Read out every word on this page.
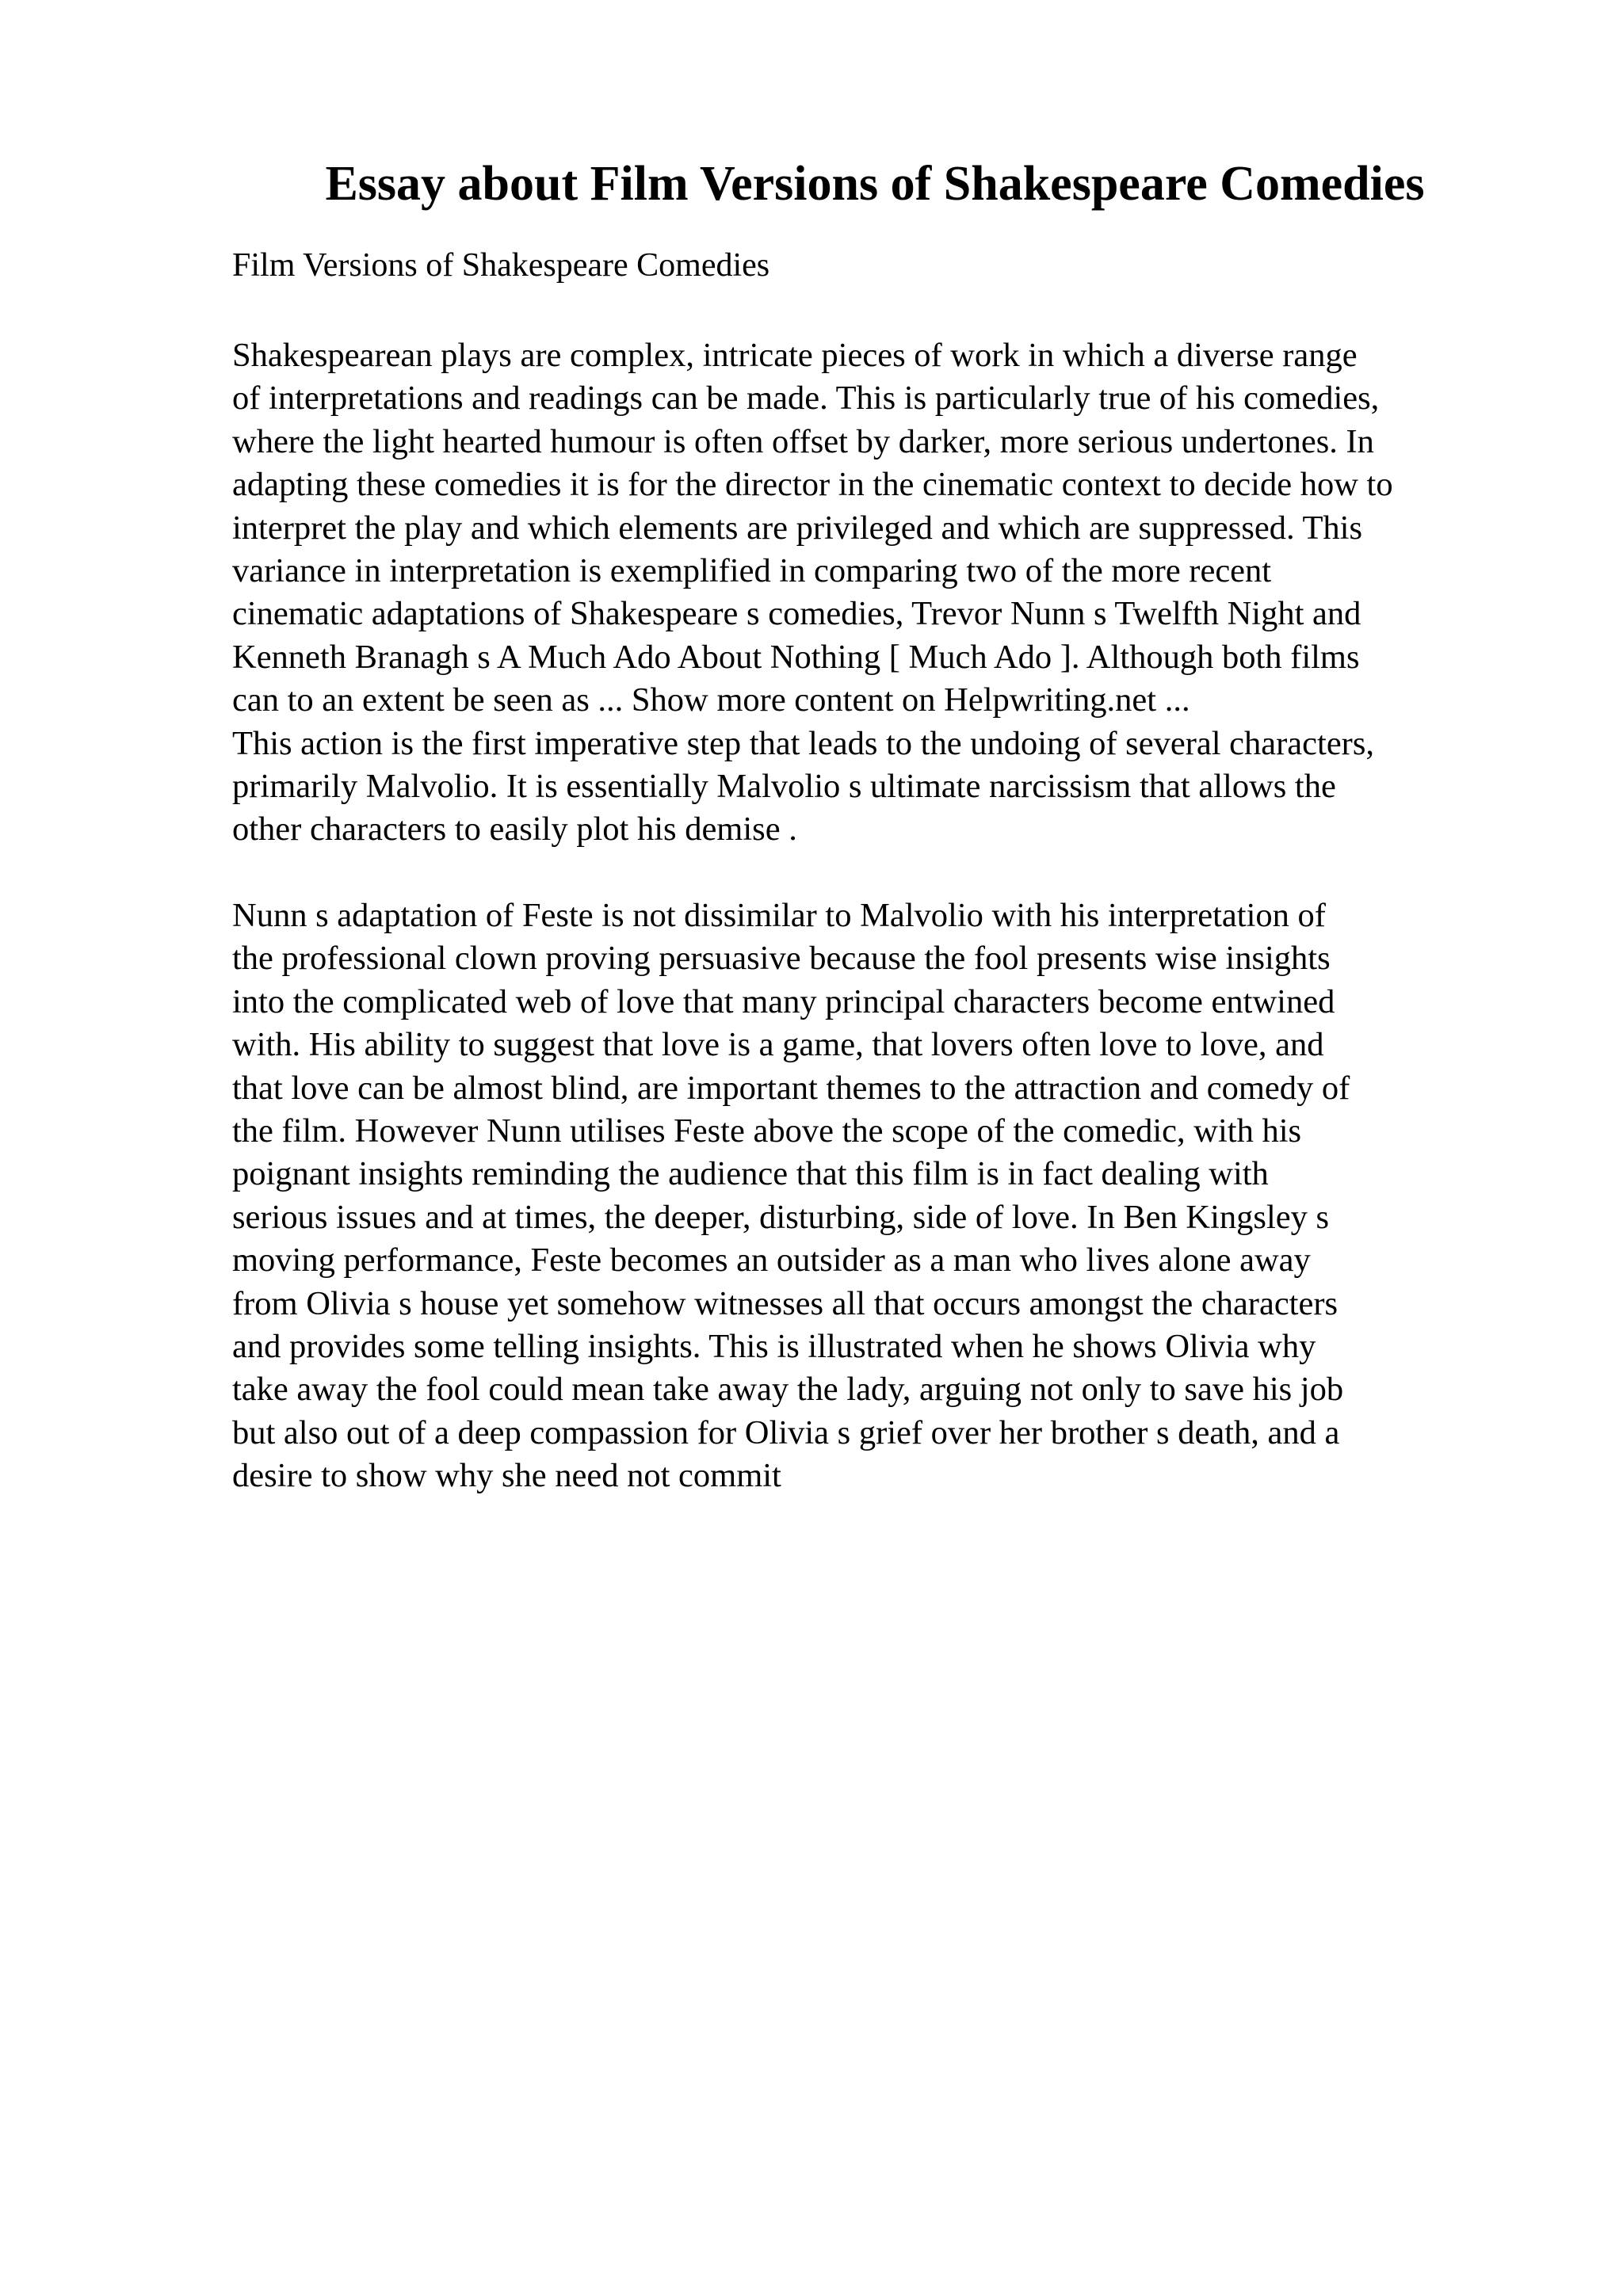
Essay about Film Versions of Shakespeare Comedies

Film Versions of Shakespeare Comedies

Shakespearean plays are complex, intricate pieces of work in which a diverse range
of interpretations and readings can be made. This is particularly true of his comedies,
where the light hearted humour is often offset by darker, more serious undertones. In
adapting these comedies it is for the director in the cinematic context to decide how to
interpret the play and which elements are privileged and which are suppressed. This
variance in interpretation is exemplified in comparing two of the more recent
cinematic adaptations of Shakespeare s comedies, Trevor Nunn s Twelfth Night and
Kenneth Branagh s A Much Ado About Nothing [ Much Ado ]. Although both films
can to an extent be seen as ... Show more content on Helpwriting.net ...
This action is the first imperative step that leads to the undoing of several characters,
primarily Malvolio. It is essentially Malvolio s ultimate narcissism that allows the
other characters to easily plot his demise .
Nunn s adaptation of Feste is not dissimilar to Malvolio with his interpretation of
the professional clown proving persuasive because the fool presents wise insights
into the complicated web of love that many principal characters become entwined
with. His ability to suggest that love is a game, that lovers often love to love, and
that love can be almost blind, are important themes to the attraction and comedy of
the film. However Nunn utilises Feste above the scope of the comedic, with his
poignant insights reminding the audience that this film is in fact dealing with
serious issues and at times, the deeper, disturbing, side of love. In Ben Kingsley s
moving performance, Feste becomes an outsider as a man who lives alone away
from Olivia s house yet somehow witnesses all that occurs amongst the characters
and provides some telling insights. This is illustrated when he shows Olivia why
take away the fool could mean take away the lady, arguing not only to save his job
but also out of a deep compassion for Olivia s grief over her brother s death, and a
desire to show why she need not commit
